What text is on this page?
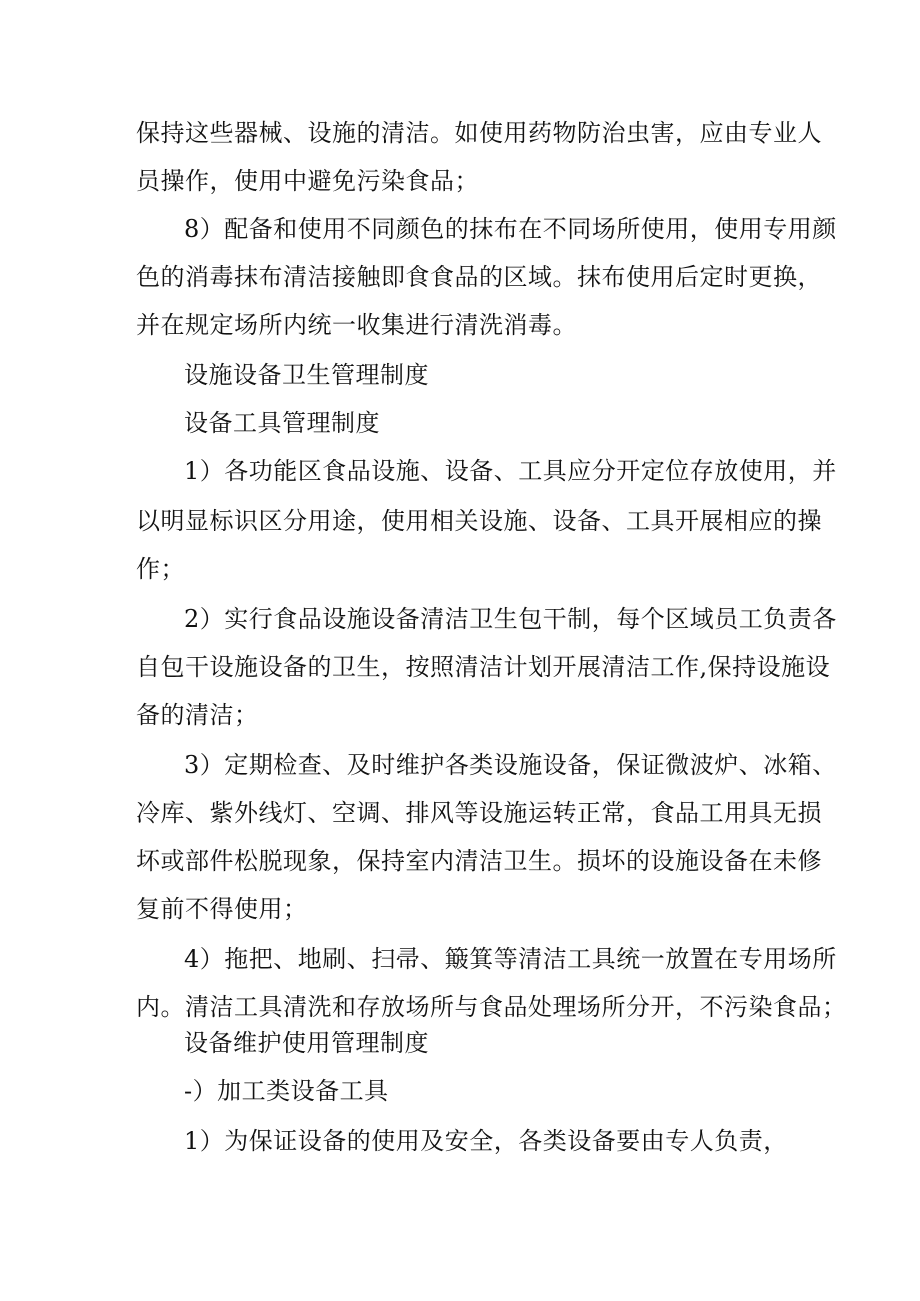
保持这些器械、设施的清洁。如使用药物防治虫害，应由专业人
员操作，使用中避免污染食品；
8）配备和使用不同颜色的抹布在不同场所使用，使用专用颜
色的消毒抹布清洁接触即食食品的区域。抹布使用后定时更换，
并在规定场所内统一收集进行清洗消毒。
设施设备卫生管理制度
设备工具管理制度
1）各功能区食品设施、设备、工具应分开定位存放使用，并
以明显标识区分用途，使用相关设施、设备、工具开展相应的操
作；
2）实行食品设施设备清洁卫生包干制，每个区域员工负责各
自包干设施设备的卫生，按照清洁计划开展清洁工作,保持设施设
备的清洁；
3）定期检查、及时维护各类设施设备，保证微波炉、冰箱、
冷库、紫外线灯、空调、排风等设施运转正常，食品工用具无损
坏或部件松脱现象，保持室内清洁卫生。损坏的设施设备在未修
复前不得使用；
4）拖把、地刷、扫帚、簸箕等清洁工具统一放置在专用场所
内。清洁工具清洗和存放场所与食品处理场所分开，不污染食品；
设备维护使用管理制度
-）加工类设备工具
1）为保证设备的使用及安全，各类设备要由专人负责，
